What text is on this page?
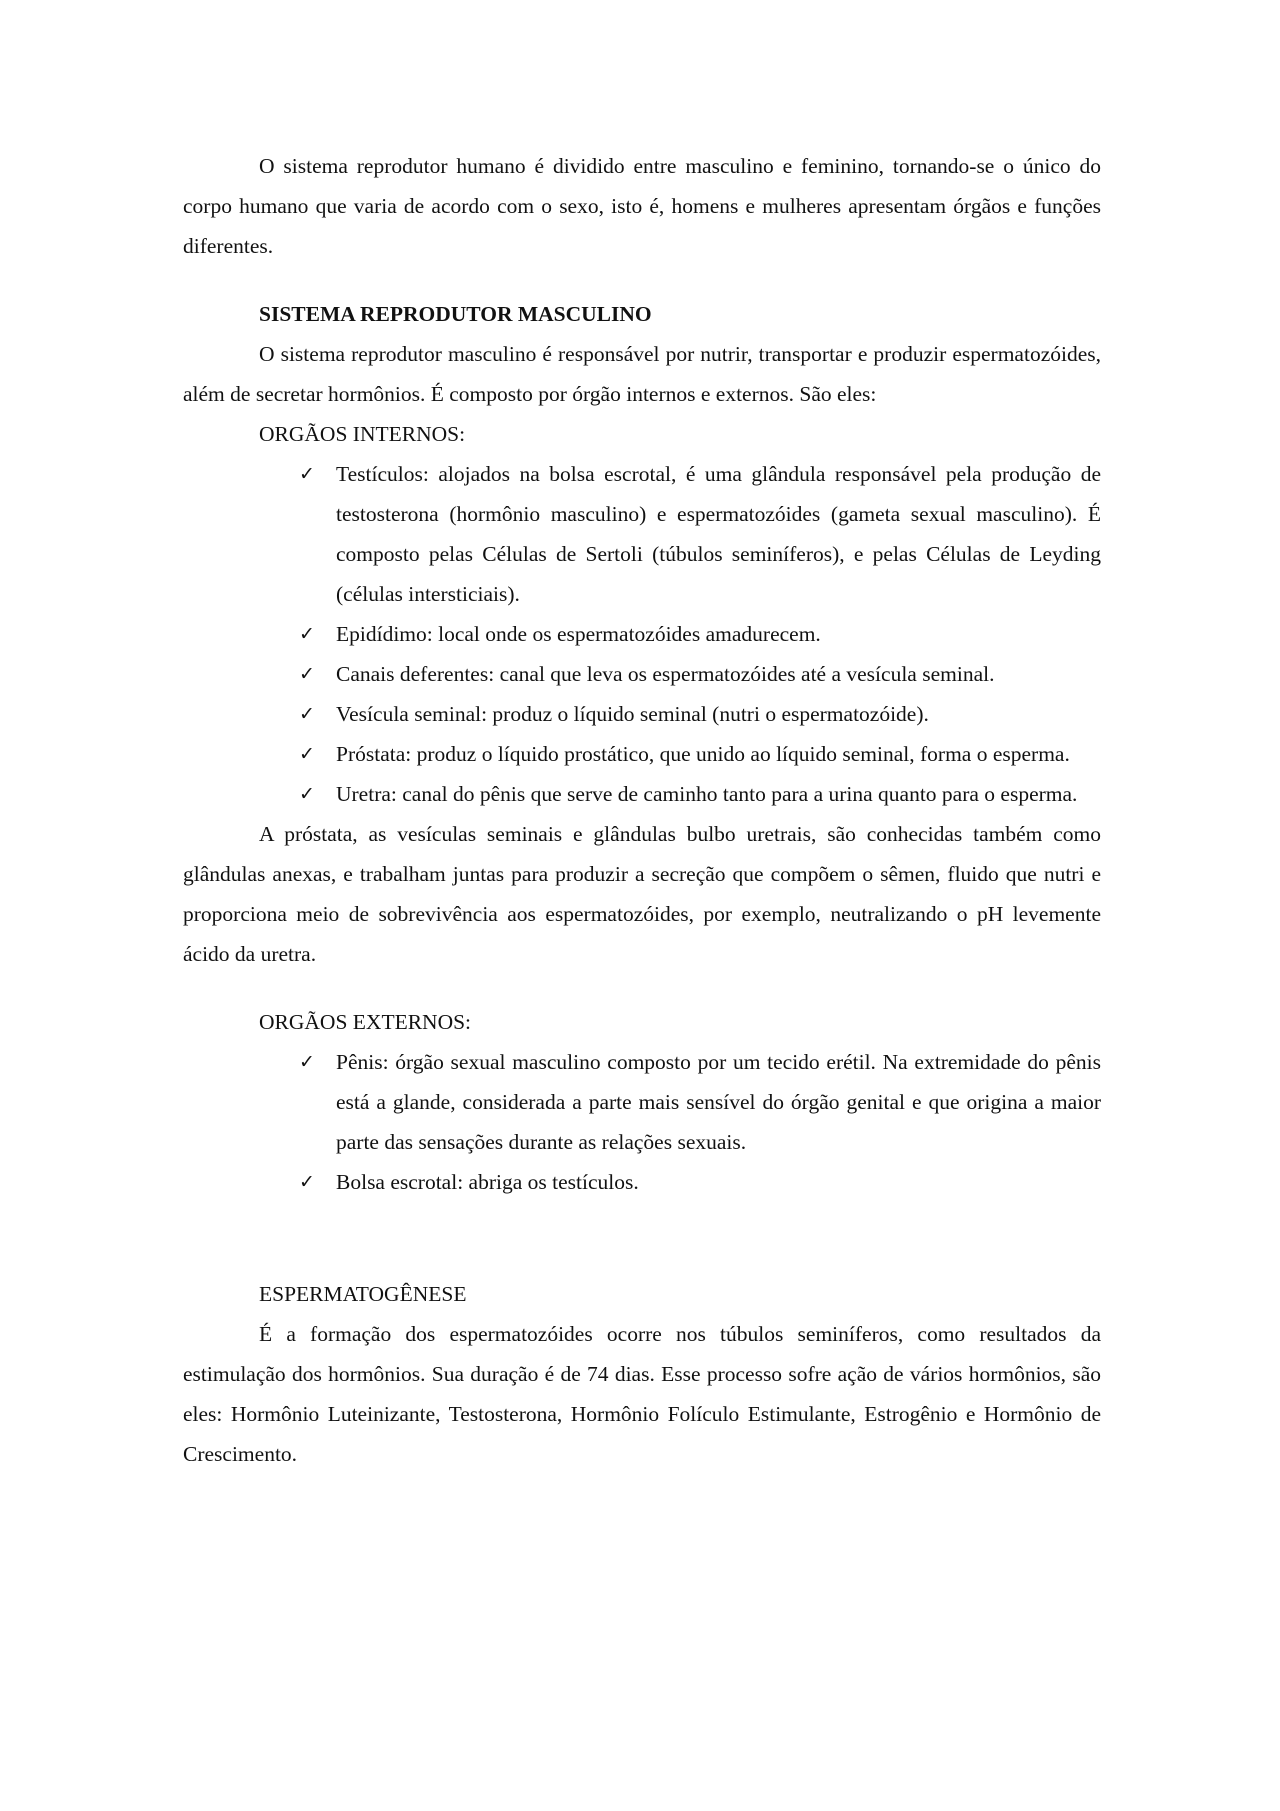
O sistema reprodutor humano é dividido entre masculino e feminino, tornando-se o único do corpo humano que varia de acordo com o sexo, isto é, homens e mulheres apresentam órgãos e funções diferentes.

SISTEMA REPRODUTOR MASCULINO

O sistema reprodutor masculino é responsável por nutrir, transportar e produzir espermatozóides, além de secretar hormônios. É composto por órgão internos e externos. São eles:

ORGÃOS INTERNOS:
✓ Testículos: alojados na bolsa escrotal, é uma glândula responsável pela produção de testosterona (hormônio masculino) e espermatozóides (gameta sexual masculino). É composto pelas Células de Sertoli (túbulos seminíferos), e pelas Células de Leyding (células intersticiais).
✓ Epidídimo: local onde os espermatozóides amadurecem.
✓ Canais deferentes: canal que leva os espermatozóides até a vesícula seminal.
✓ Vesícula seminal: produz o líquido seminal (nutri o espermatozóide).
✓ Próstata: produz o líquido prostático, que unido ao líquido seminal, forma o esperma.
✓ Uretra: canal do pênis que serve de caminho tanto para a urina quanto para o esperma.

A próstata, as vesículas seminais e glândulas bulbo uretrais, são conhecidas também como glândulas anexas, e trabalham juntas para produzir a secreção que compõem o sêmen, fluido que nutri e proporciona meio de sobrevivência aos espermatozóides, por exemplo, neutralizando o pH levemente ácido da uretra.

ORGÃOS EXTERNOS:
✓ Pênis: órgão sexual masculino composto por um tecido erétil. Na extremidade do pênis está a glande, considerada a parte mais sensível do órgão genital e que origina a maior parte das sensações durante as relações sexuais.
✓ Bolsa escrotal: abriga os testículos.
ESPERMATOGÊNESE

É a formação dos espermatozóides ocorre nos túbulos seminíferos, como resultados da estimulação dos hormônios. Sua duração é de 74 dias. Esse processo sofre ação de vários hormônios, são eles: Hormônio Luteinizante, Testosterona, Hormônio Folículo Estimulante, Estrogênio e Hormônio de Crescimento.
